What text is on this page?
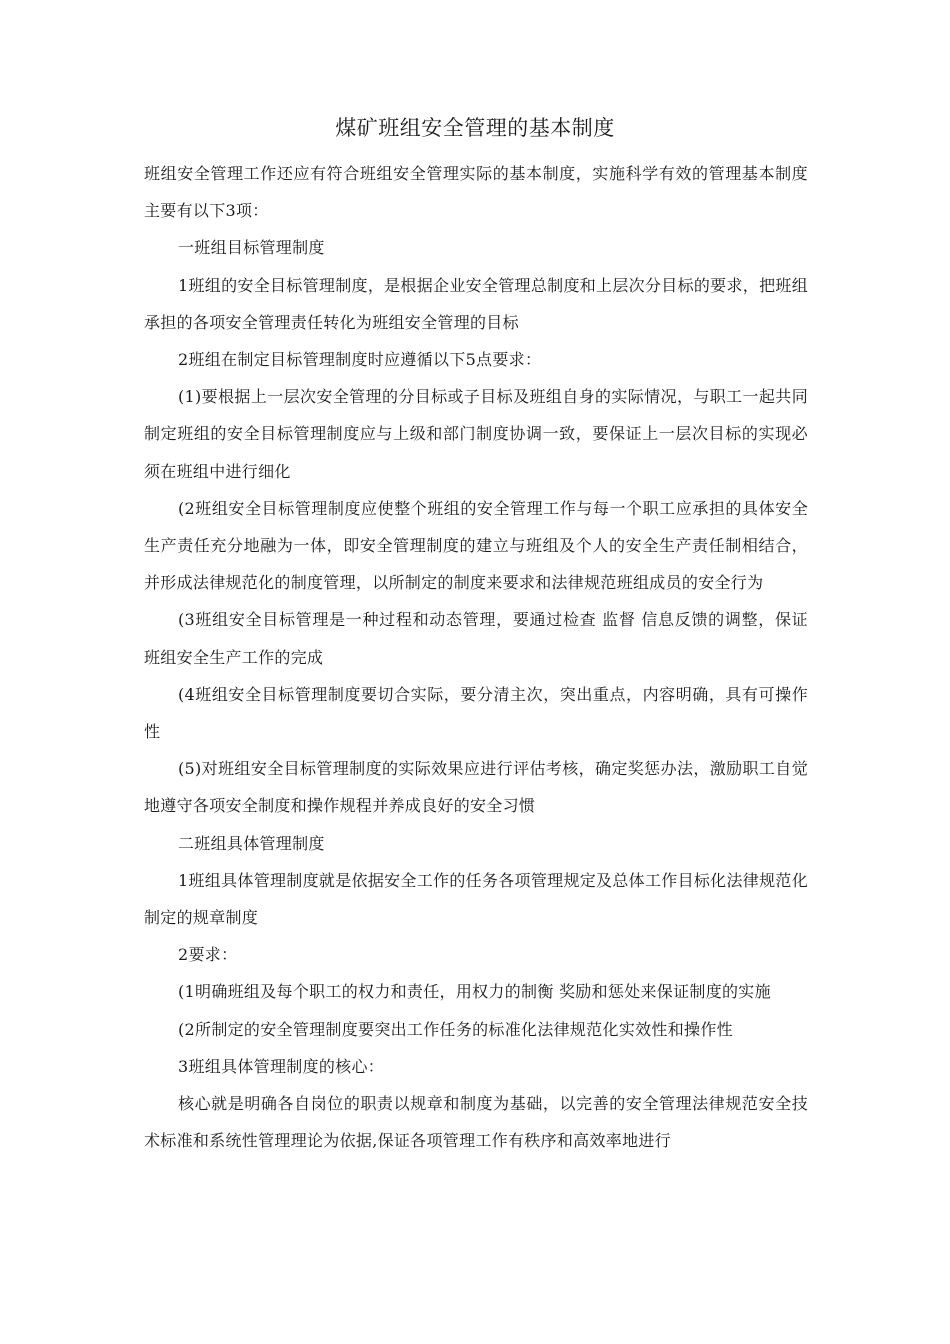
煤矿班组安全管理的基本制度

班组安全管理工作还应有符合班组安全管理实际的基本制度，实施科学有效的管理基本制度主要有以下3项：

一班组目标管理制度

1班组的安全目标管理制度，是根据企业安全管理总制度和上层次分目标的要求，把班组承担的各项安全管理责任转化为班组安全管理的目标

2班组在制定目标管理制度时应遵循以下5点要求：

(1)要根据上一层次安全管理的分目标或子目标及班组自身的实际情况，与职工一起共同制定班组的安全目标管理制度应与上级和部门制度协调一致，要保证上一层次目标的实现必须在班组中进行细化

(2班组安全目标管理制度应使整个班组的安全管理工作与每一个职工应承担的具体安全生产责任充分地融为一体，即安全管理制度的建立与班组及个人的安全生产责任制相结合，并形成法律规范化的制度管理，以所制定的制度来要求和法律规范班组成员的安全行为

(3班组安全目标管理是一种过程和动态管理，要通过检查 监督 信息反馈的调整，保证班组安全生产工作的完成

(4班组安全目标管理制度要切合实际，要分清主次，突出重点，内容明确，具有可操作性

(5)对班组安全目标管理制度的实际效果应进行评估考核，确定奖惩办法，激励职工自觉地遵守各项安全制度和操作规程并养成良好的安全习惯

二班组具体管理制度

1班组具体管理制度就是依据安全工作的任务各项管理规定及总体工作目标化法律规范化制定的规章制度

2要求：

(1明确班组及每个职工的权力和责任，用权力的制衡 奖励和惩处来保证制度的实施

(2所制定的安全管理制度要突出工作任务的标准化法律规范化实效性和操作性

3班组具体管理制度的核心：

核心就是明确各自岗位的职责以规章和制度为基础，以完善的安全管理法律规范安全技术标准和系统性管理理论为依据,保证各项管理工作有秩序和高效率地进行
